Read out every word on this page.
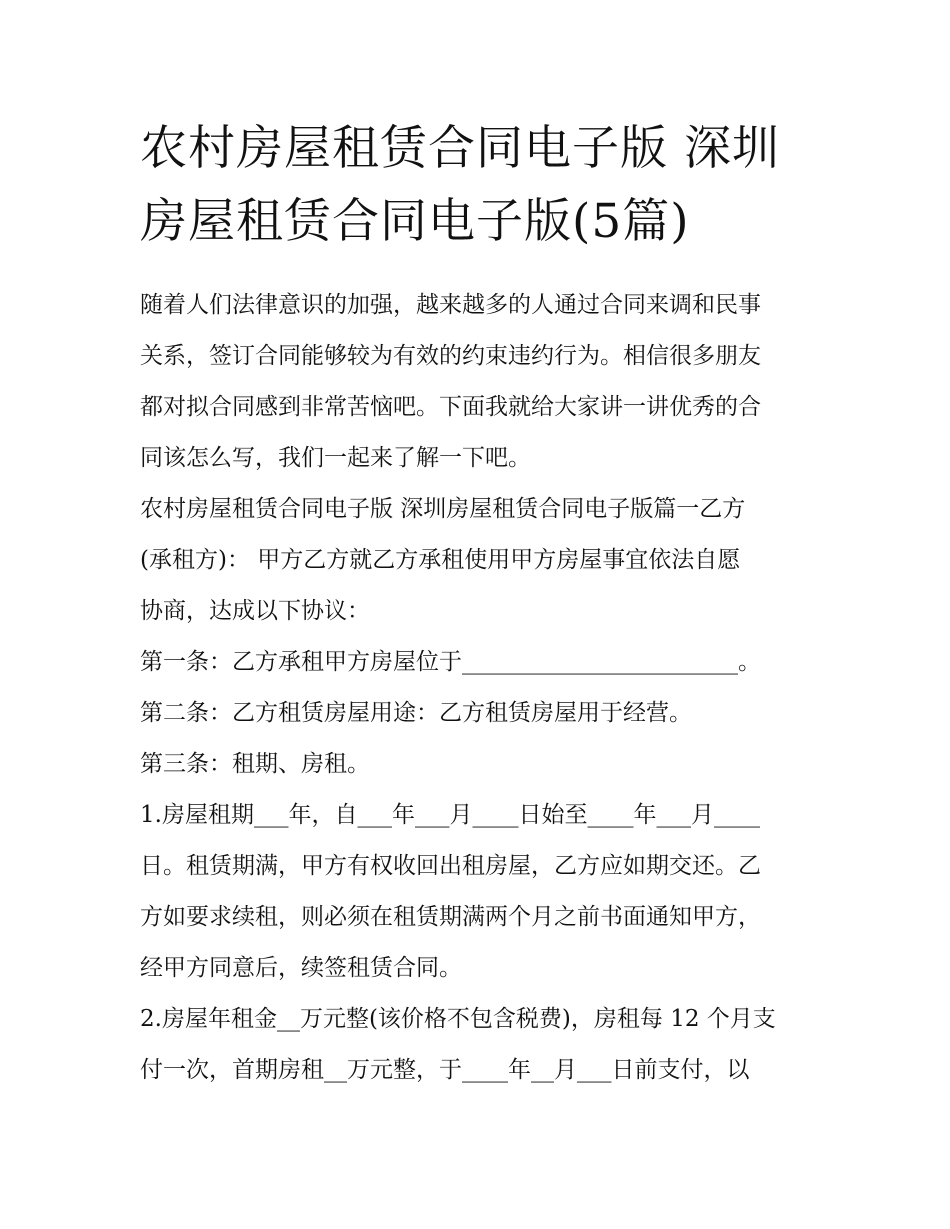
农村房屋租赁合同电子版 深圳
房屋租赁合同电子版(5篇)

随着人们法律意识的加强，越来越多的人通过合同来调和民事

关系，签订合同能够较为有效的约束违约行为。相信很多朋友

都对拟合同感到非常苦恼吧。下面我就给大家讲一讲优秀的合

同该怎么写，我们一起来了解一下吧。

农村房屋租赁合同电子版 深圳房屋租赁合同电子版篇一乙方

(承租方)： 甲方乙方就乙方承租使用甲方房屋事宜依法自愿

协商，达成以下协议：

第一条：乙方承租甲方房屋位于________________________。

第二条：乙方租赁房屋用途：乙方租赁房屋用于经营。

第三条：租期、房租。

1.房屋租期___年，自___年___月____日始至____年___月____

日。租赁期满，甲方有权收回出租房屋，乙方应如期交还。乙

方如要求续租，则必须在租赁期满两个月之前书面通知甲方，

经甲方同意后，续签租赁合同。

2.房屋年租金__万元整(该价格不包含税费)，房租每 12 个月支

付一次，首期房租__万元整，于____年__月___日前支付，以
